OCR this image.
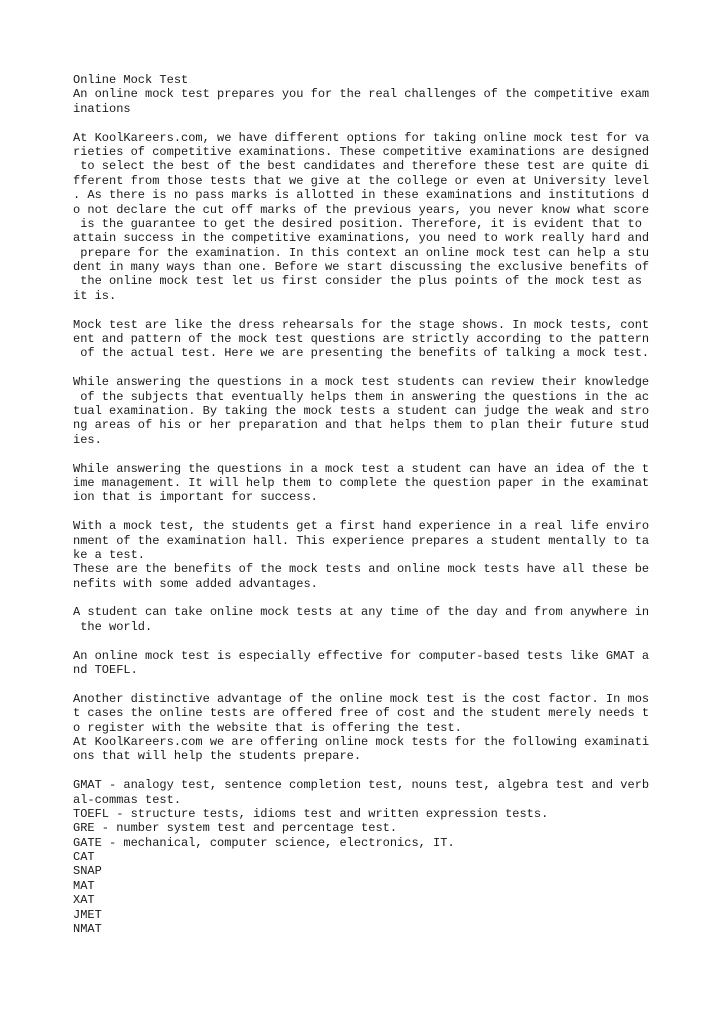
Online Mock Test
An online mock test prepares you for the real challenges of the competitive exam
inations

At KoolKareers.com, we have different options for taking online mock test for va
rieties of competitive examinations. These competitive examinations are designed
to select the best of the best candidates and therefore these test are quite di
fferent from those tests that we give at the college or even at University level
. As there is no pass marks is allotted in these examinations and institutions d
o not declare the cut off marks of the previous years, you never know what score
is the guarantee to get the desired position. Therefore, it is evident that to
attain success in the competitive examinations, you need to work really hard and
prepare for the examination. In this context an online mock test can help a stu
dent in many ways than one. Before we start discussing the exclusive benefits of
the online mock test let us first consider the plus points of the mock test as
it is.

Mock test are like the dress rehearsals for the stage shows. In mock tests, cont
ent and pattern of the mock test questions are strictly according to the pattern
of the actual test. Here we are presenting the benefits of talking a mock test.

While answering the questions in a mock test students can review their knowledge
of the subjects that eventually helps them in answering the questions in the ac
tual examination. By taking the mock tests a student can judge the weak and stro
ng areas of his or her preparation and that helps them to plan their future stud
ies.

While answering the questions in a mock test a student can have an idea of the t
ime management. It will help them to complete the question paper in the examinat
ion that is important for success.

With a mock test, the students get a first hand experience in a real life enviro
nment of the examination hall. This experience prepares a student mentally to ta
ke a test.
These are the benefits of the mock tests and online mock tests have all these be
nefits with some added advantages.

A student can take online mock tests at any time of the day and from anywhere in
the world.

An online mock test is especially effective for computer-based tests like GMAT a
nd TOEFL.

Another distinctive advantage of the online mock test is the cost factor. In mos
t cases the online tests are offered free of cost and the student merely needs t
o register with the website that is offering the test.
At KoolKareers.com we are offering online mock tests for the following examinati
ons that will help the students prepare.

GMAT - analogy test, sentence completion test, nouns test, algebra test and verb
al-commas test.
TOEFL - structure tests, idioms test and written expression tests.
GRE - number system test and percentage test.
GATE - mechanical, computer science, electronics, IT.
CAT
SNAP
MAT
XAT
JMET
NMAT
